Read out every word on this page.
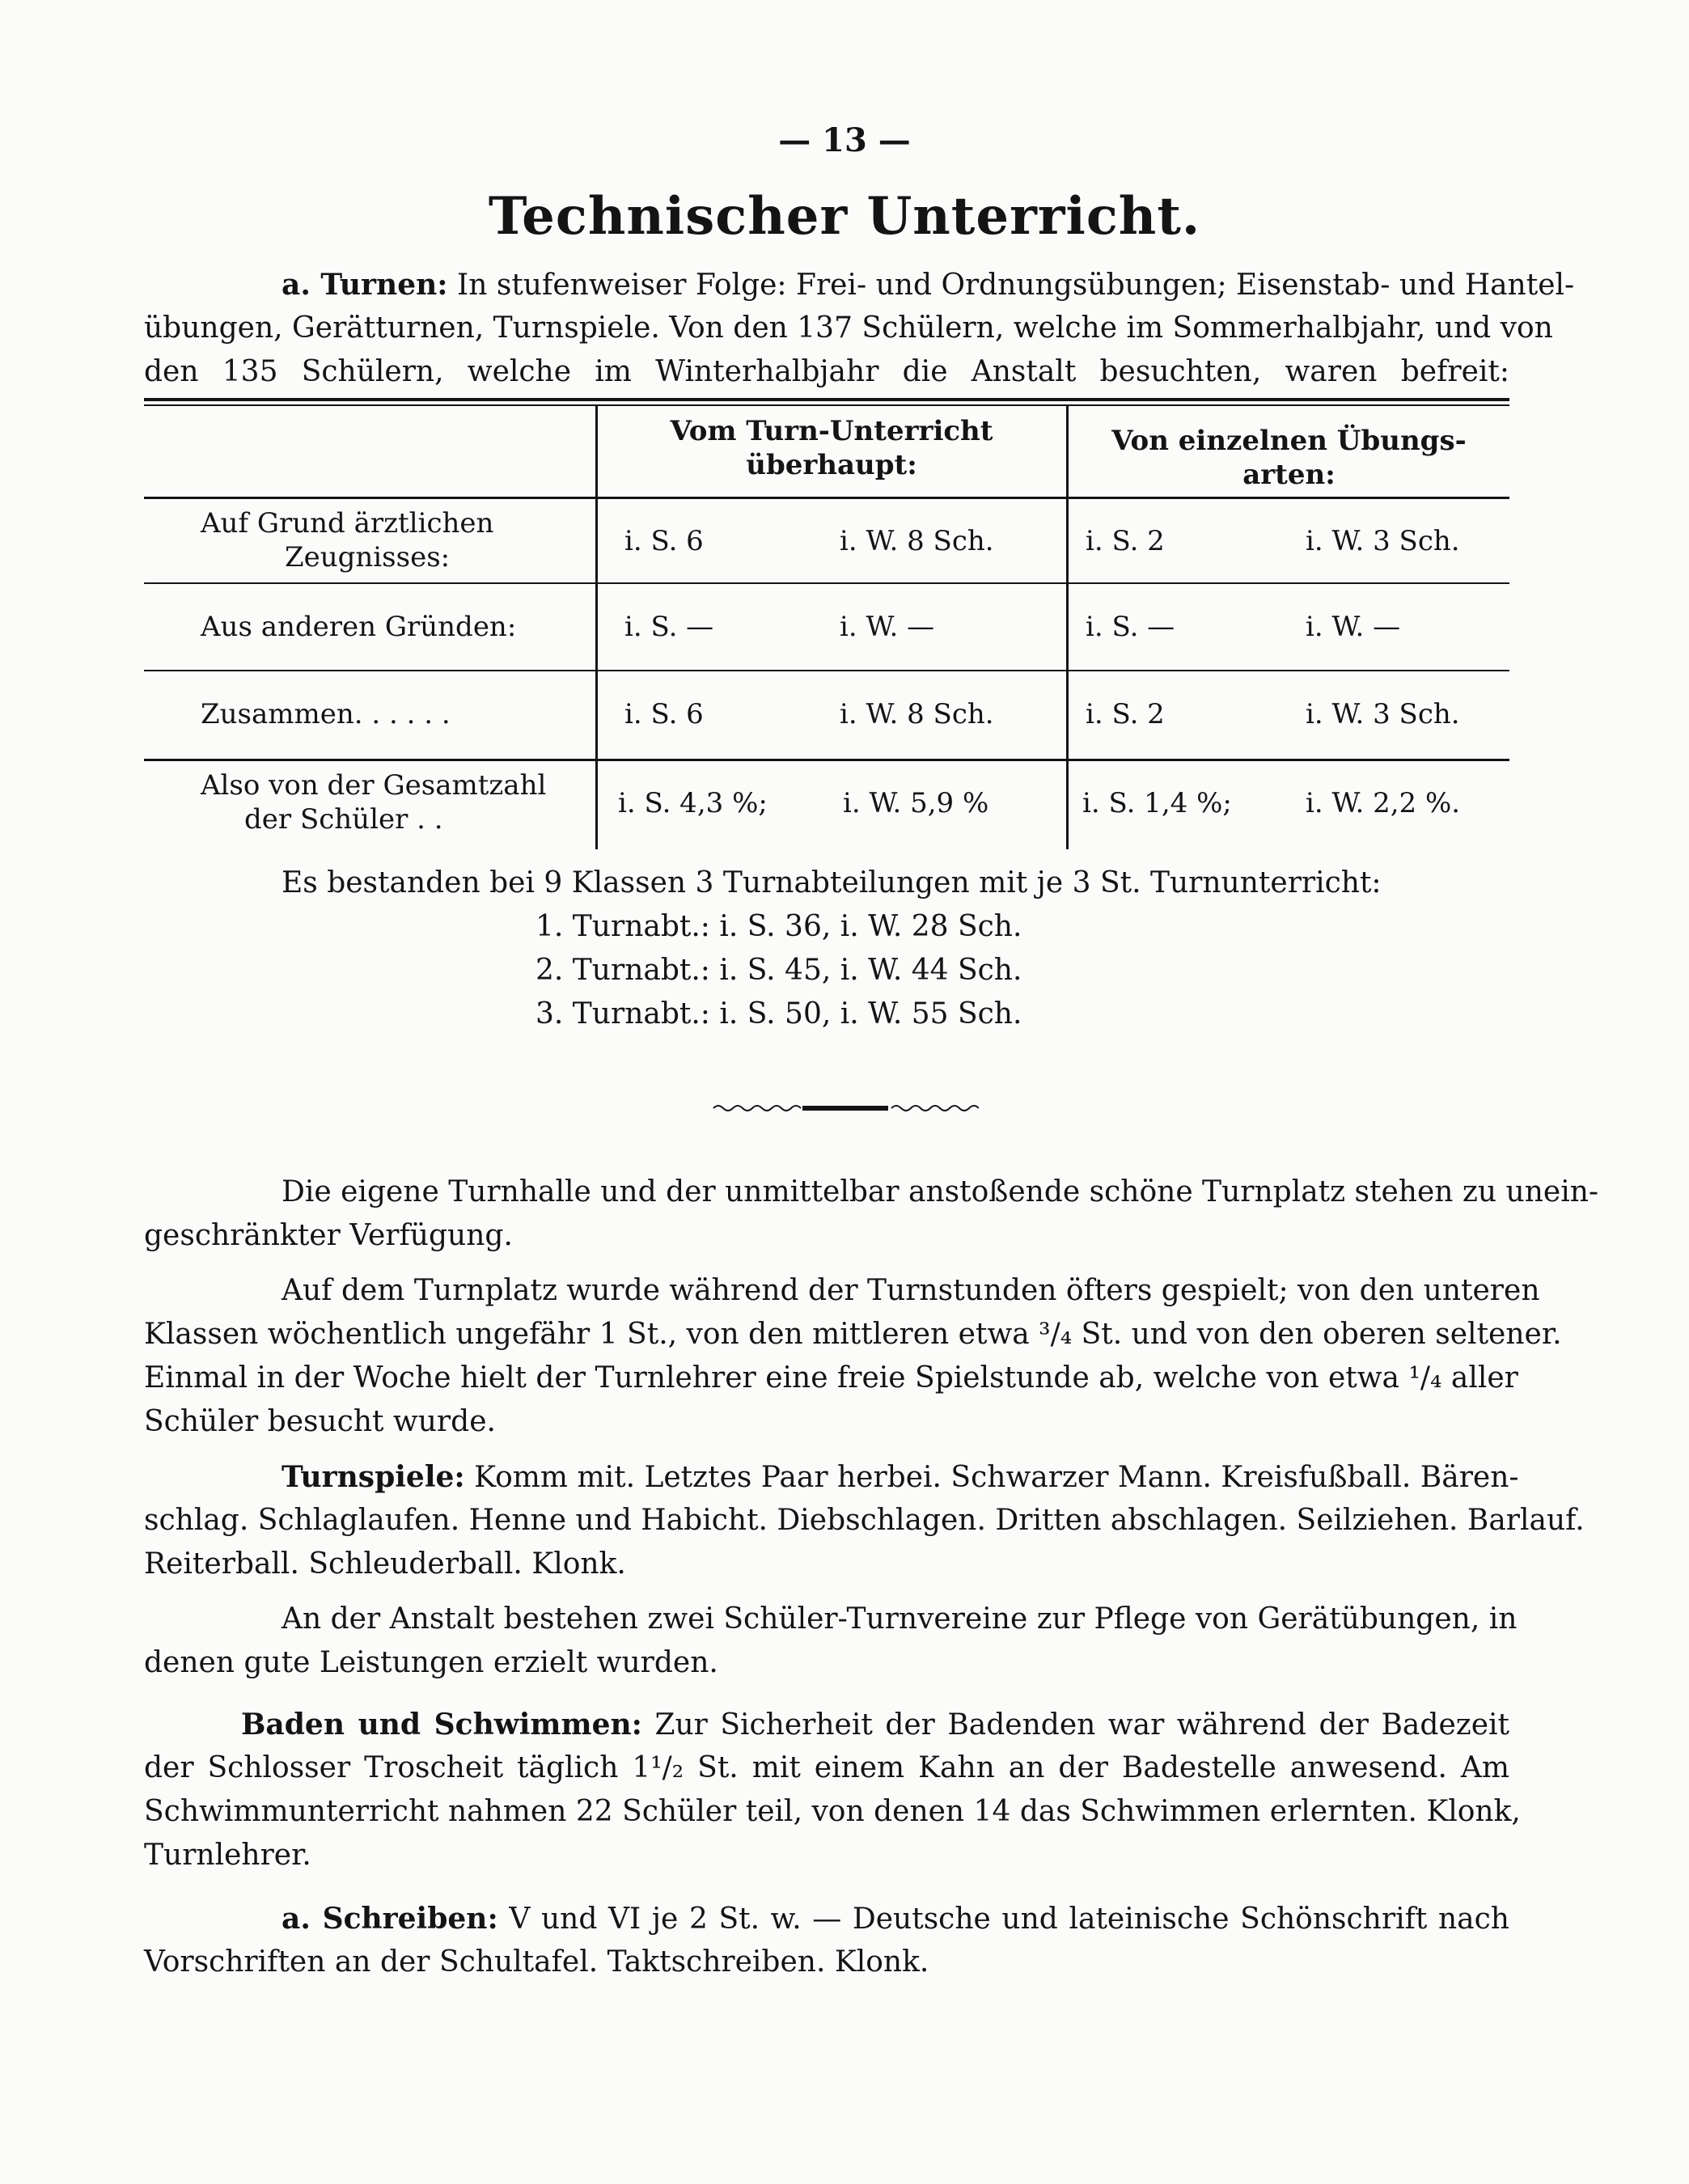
— 13 —
Technischer Unterricht.
a. Turnen: In stufenweiser Folge: Frei- und Ordnungsübungen; Eisenstab- und Hantel-
übungen, Gerätturnen, Turnspiele. Von den 137 Schülern, welche im Sommerhalbjahr, und von
den 135 Schülern, welche im Winterhalbjahr die Anstalt besuchten, waren befreit:
Vom Turn-Unterricht
überhaupt:
Von einzelnen Übungs-
arten:
Auf Grund ärztlichen
Zeugnisses:	i. S. 6	i. W. 8 Sch.	i. S. 2	i. W. 3 Sch.
Aus anderen Gründen:	i. S. —	i. W. —	i. S. —	i. W. —
Zusammen. . . . . .	i. S. 6	i. W. 8 Sch.	i. S. 2	i. W. 3 Sch.
Also von der Gesamtzahl
der Schüler . .	i. S. 4,3 %;	i. W. 5,9 %	i. S. 1,4 %;	i. W. 2,2 %.
Es bestanden bei 9 Klassen 3 Turnabteilungen mit je 3 St. Turnunterricht:
1. Turnabt.: i. S. 36, i. W. 28 Sch.
2. Turnabt.: i. S. 45, i. W. 44 Sch.
3. Turnabt.: i. S. 50, i. W. 55 Sch.
Die eigene Turnhalle und der unmittelbar anstoßende schöne Turnplatz stehen zu unein-
geschränkter Verfügung.
Auf dem Turnplatz wurde während der Turnstunden öfters gespielt; von den unteren
Klassen wöchentlich ungefähr 1 St., von den mittleren etwa ³/₄ St. und von den oberen seltener.
Einmal in der Woche hielt der Turnlehrer eine freie Spielstunde ab, welche von etwa ¹/₄ aller
Schüler besucht wurde.
Turnspiele: Komm mit. Letztes Paar herbei. Schwarzer Mann. Kreisfußball. Bären-
schlag. Schlaglaufen. Henne und Habicht. Diebschlagen. Dritten abschlagen. Seilziehen. Barlauf.
Reiterball. Schleuderball. Klonk.
An der Anstalt bestehen zwei Schüler-Turnvereine zur Pflege von Gerätübungen, in
denen gute Leistungen erzielt wurden.
Baden und Schwimmen: Zur Sicherheit der Badenden war während der Badezeit
der Schlosser Troscheit täglich 1¹/₂ St. mit einem Kahn an der Badestelle anwesend. Am
Schwimmunterricht nahmen 22 Schüler teil, von denen 14 das Schwimmen erlernten. Klonk,
Turnlehrer.
a. Schreiben: V und VI je 2 St. w. — Deutsche und lateinische Schönschrift nach
Vorschriften an der Schultafel. Taktschreiben. Klonk.
